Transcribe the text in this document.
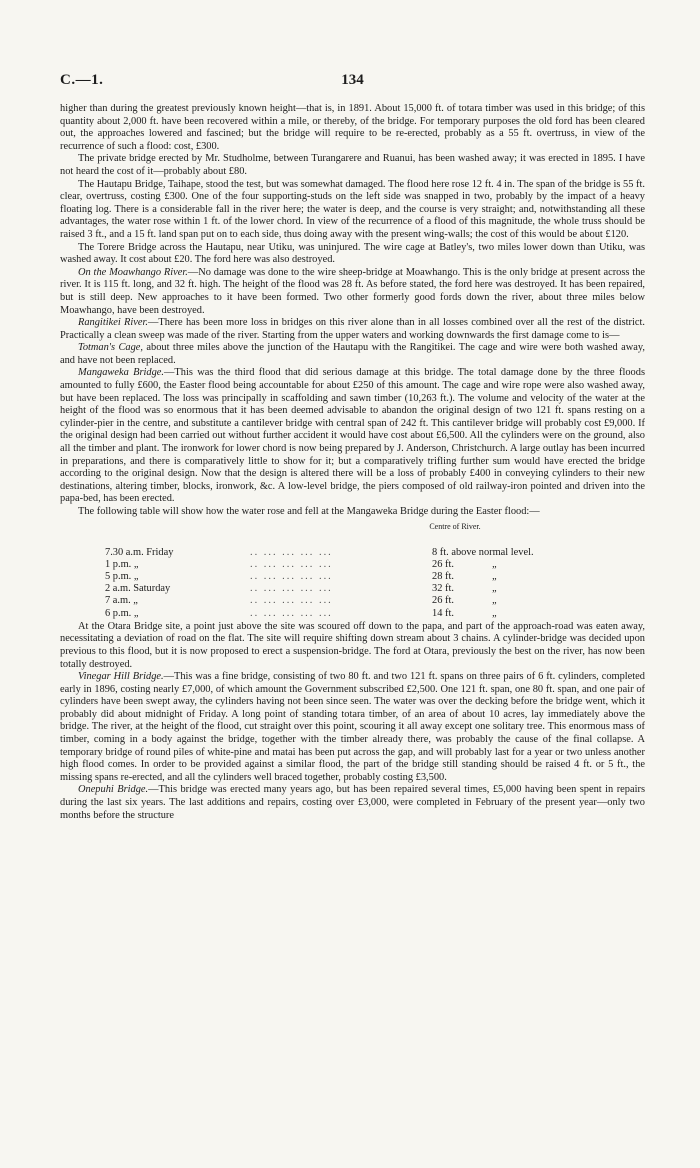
C.—1.	134

higher than during the greatest previously known height—that is, in 1891. About 15,000 ft. of totara timber was used in this bridge; of this quantity about 2,000 ft. have been recovered within a mile, or thereby, of the bridge. For temporary purposes the old ford has been cleared out, the approaches lowered and fascined; but the bridge will require to be re-erected, probably as a 55 ft. overtruss, in view of the recurrence of such a flood: cost, £300.

The private bridge erected by Mr. Studholme, between Turangarere and Ruanui, has been washed away; it was erected in 1895. I have not heard the cost of it—probably about £80.

The Hautapu Bridge, Taihape, stood the test, but was somewhat damaged. The flood here rose 12 ft. 4 in. The span of the bridge is 55 ft. clear, overtruss, costing £300. One of the four supporting-studs on the left side was snapped in two, probably by the impact of a heavy floating log. There is a considerable fall in the river here; the water is deep, and the course is very straight; and, notwithstanding all these advantages, the water rose within 1 ft. of the lower chord. In view of the recurrence of a flood of this magnitude, the whole truss should be raised 3 ft., and a 15 ft. land span put on to each side, thus doing away with the present wing-walls; the cost of this would be about £120.

The Torere Bridge across the Hautapu, near Utiku, was uninjured. The wire cage at Batley's, two miles lower down than Utiku, was washed away. It cost about £20. The ford here was also destroyed.

On the Moawhango River.—No damage was done to the wire sheep-bridge at Moawhango. This is the only bridge at present across the river. It is 115 ft. long, and 32 ft. high. The height of the flood was 28 ft. As before stated, the ford here was destroyed. It has been repaired, but is still deep. New approaches to it have been formed. Two other formerly good fords down the river, about three miles below Moawhango, have been destroyed.

Rangitikei River.—There has been more loss in bridges on this river alone than in all losses combined over all the rest of the district. Practically a clean sweep was made of the river. Starting from the upper waters and working downwards the first damage come to is—

Totman's Cage, about three miles above the junction of the Hautapu with the Rangitikei. The cage and wire were both washed away, and have not been replaced.

Mangaweka Bridge.—This was the third flood that did serious damage at this bridge. The total damage done by the three floods amounted to fully £600, the Easter flood being accountable for about £250 of this amount. The cage and wire rope were also washed away, but have been replaced. The loss was principally in scaffolding and sawn timber (10,263 ft.). The volume and velocity of the water at the height of the flood was so enormous that it has been deemed advisable to abandon the original design of two 121 ft. spans resting on a cylinder-pier in the centre, and substitute a cantilever bridge with central span of 242 ft. This cantilever bridge will probably cost £9,000. If the original design had been carried out without further accident it would have cost about £6,500. All the cylinders were on the ground, also all the timber and plant. The ironwork for lower chord is now being prepared by J. Anderson, Christchurch. A large outlay has been incurred in preparations, and there is comparatively little to show for it; but a comparatively trifling further sum would have erected the bridge according to the original design. Now that the design is altered there will be a loss of probably £400 in conveying cylinders to their new destinations, altering timber, blocks, ironwork, &c. A low-level bridge, the piers composed of old railway-iron pointed and driven into the papa-bed, has been erected.

The following table will show how the water rose and fell at the Mangaweka Bridge during the Easter flood:—

Centre of River.
7.30 a.m. Friday	.. ... ... ... ...	8 ft. above normal level.
1 p.m. „	.. ... ... ... ...	26 ft.	„
5 p.m. „	.. ... ... ... ...	28 ft.	„
2 a.m. Saturday	.. ... ... ... ...	32 ft.	„
7 a.m. „	.. ... ... ... ...	26 ft.	„
6 p.m. „	.. ... ... ... ...	14 ft.	„

At the Otara Bridge site, a point just above the site was scoured off down to the papa, and part of the approach-road was eaten away, necessitating a deviation of road on the flat. The site will require shifting down stream about 3 chains. A cylinder-bridge was decided upon previous to this flood, but it is now proposed to erect a suspension-bridge. The ford at Otara, previously the best on the river, has now been totally destroyed.

Vinegar Hill Bridge.—This was a fine bridge, consisting of two 80 ft. and two 121 ft. spans on three pairs of 6 ft. cylinders, completed early in 1896, costing nearly £7,000, of which amount the Government subscribed £2,500. One 121 ft. span, one 80 ft. span, and one pair of cylinders have been swept away, the cylinders having not been since seen. The water was over the decking before the bridge went, which it probably did about midnight of Friday. A long point of standing totara timber, of an area of about 10 acres, lay immediately above the bridge. The river, at the height of the flood, cut straight over this point, scouring it all away except one solitary tree. This enormous mass of timber, coming in a body against the bridge, together with the timber already there, was probably the cause of the final collapse. A temporary bridge of round piles of white-pine and matai has been put across the gap, and will probably last for a year or two unless another high flood comes. In order to be provided against a similar flood, the part of the bridge still standing should be raised 4 ft. or 5 ft., the missing spans re-erected, and all the cylinders well braced together, probably costing £3,500.

Onepuhi Bridge.—This bridge was erected many years ago, but has been repaired several times, £5,000 having been spent in repairs during the last six years. The last additions and repairs, costing over £3,000, were completed in February of the present year—only two months before the structure
